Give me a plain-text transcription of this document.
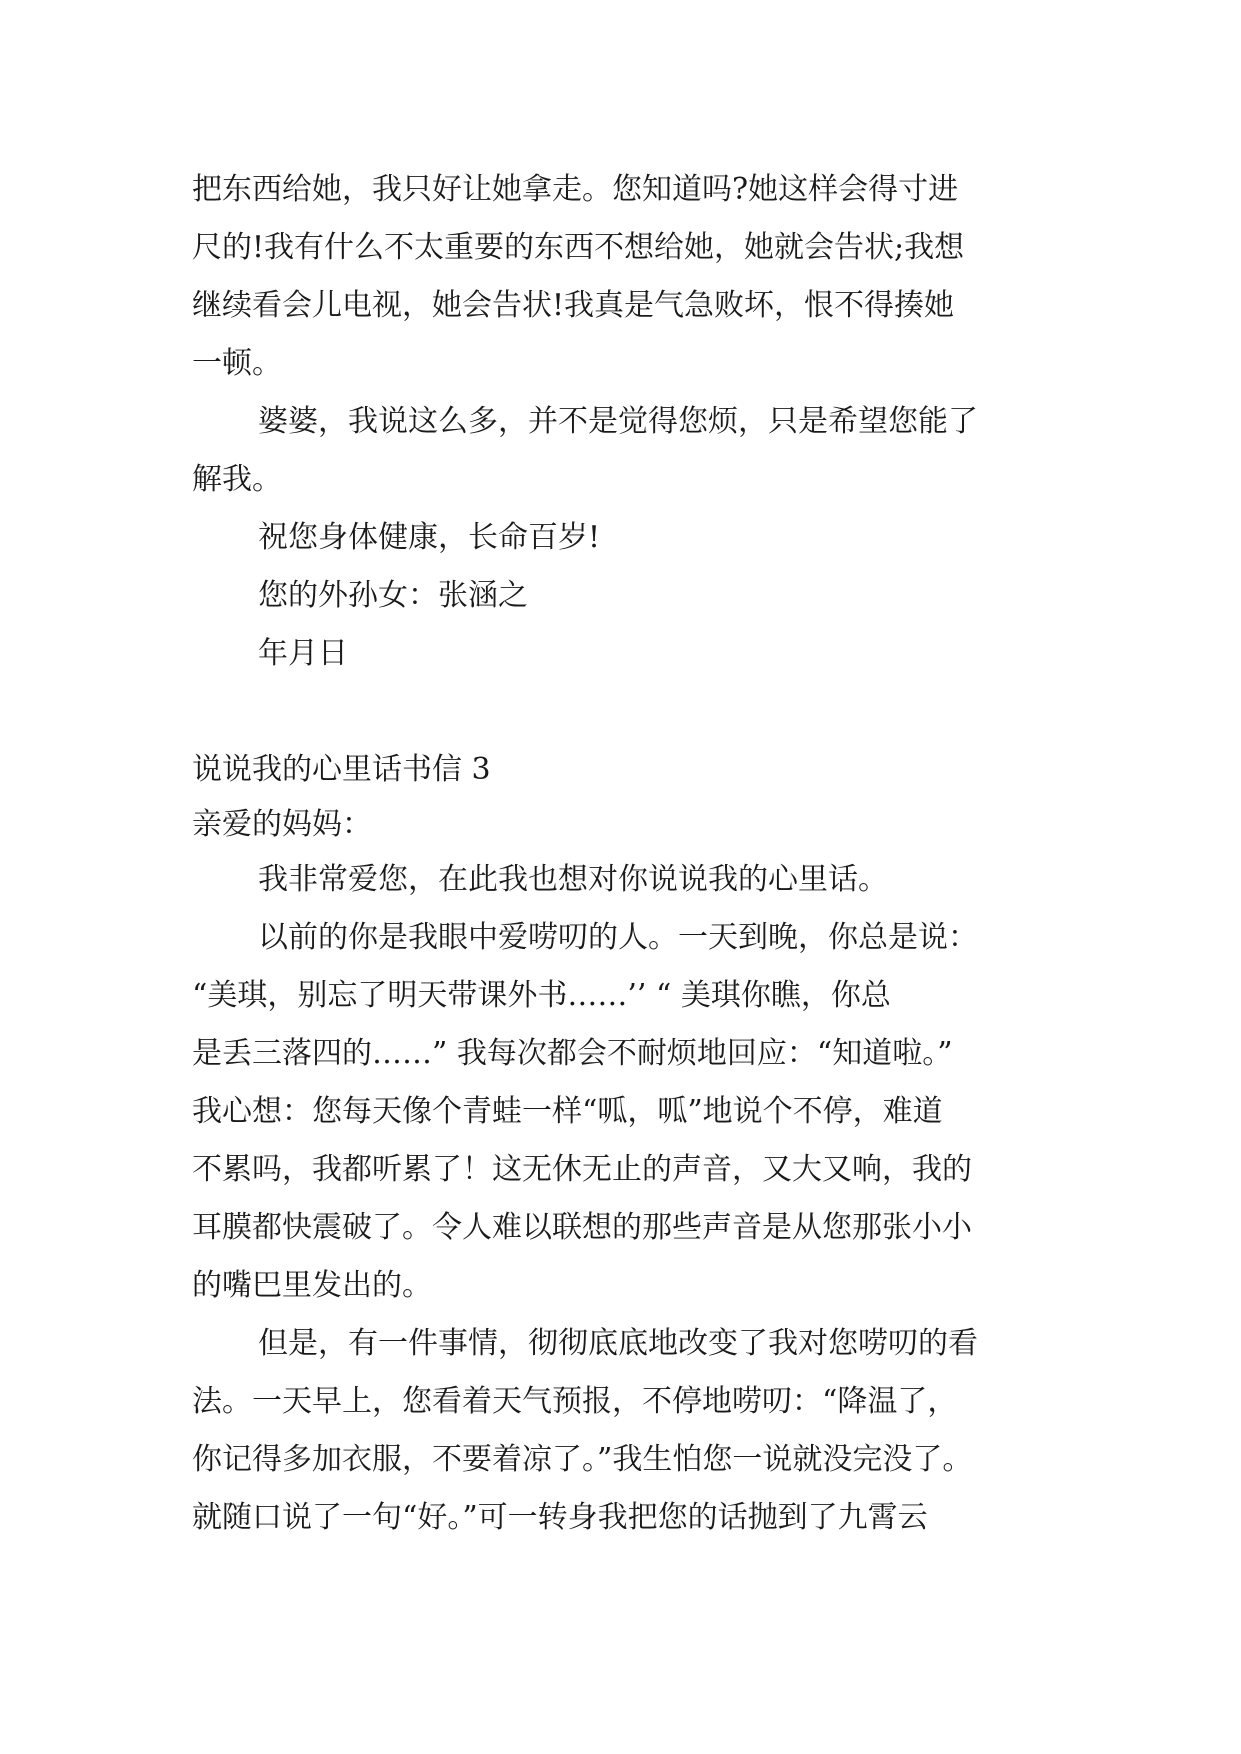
把东西给她，我只好让她拿走。您知道吗?她这样会得寸进

尺的!我有什么不太重要的东西不想给她，她就会告状;我想

继续看会儿电视，她会告状!我真是气急败坏，恨不得揍她

一顿。

婆婆，我说这么多，并不是觉得您烦，只是希望您能了

解我。

祝您身体健康，长命百岁!

您的外孙女：张涵之

年月日

说说我的心里话书信 3

亲爱的妈妈：

我非常爱您，在此我也想对你说说我的心里话。

以前的你是我眼中爱唠叨的人。一天到晚，你总是说：

“美琪，别忘了明天带课外书……’’ “ 美琪你瞧，你总

是丢三落四的……” 我每次都会不耐烦地回应：“知道啦。”

我心想：您每天像个青蛙一样“呱，呱”地说个不停，难道

不累吗，我都听累了！这无休无止的声音，又大又响，我的

耳膜都快震破了。令人难以联想的那些声音是从您那张小小

的嘴巴里发出的。

但是，有一件事情，彻彻底底地改变了我对您唠叨的看

法。一天早上，您看着天气预报，不停地唠叨：“降温了，

你记得多加衣服，不要着凉了。”我生怕您一说就没完没了。

就随口说了一句“好。”可一转身我把您的话抛到了九霄云
